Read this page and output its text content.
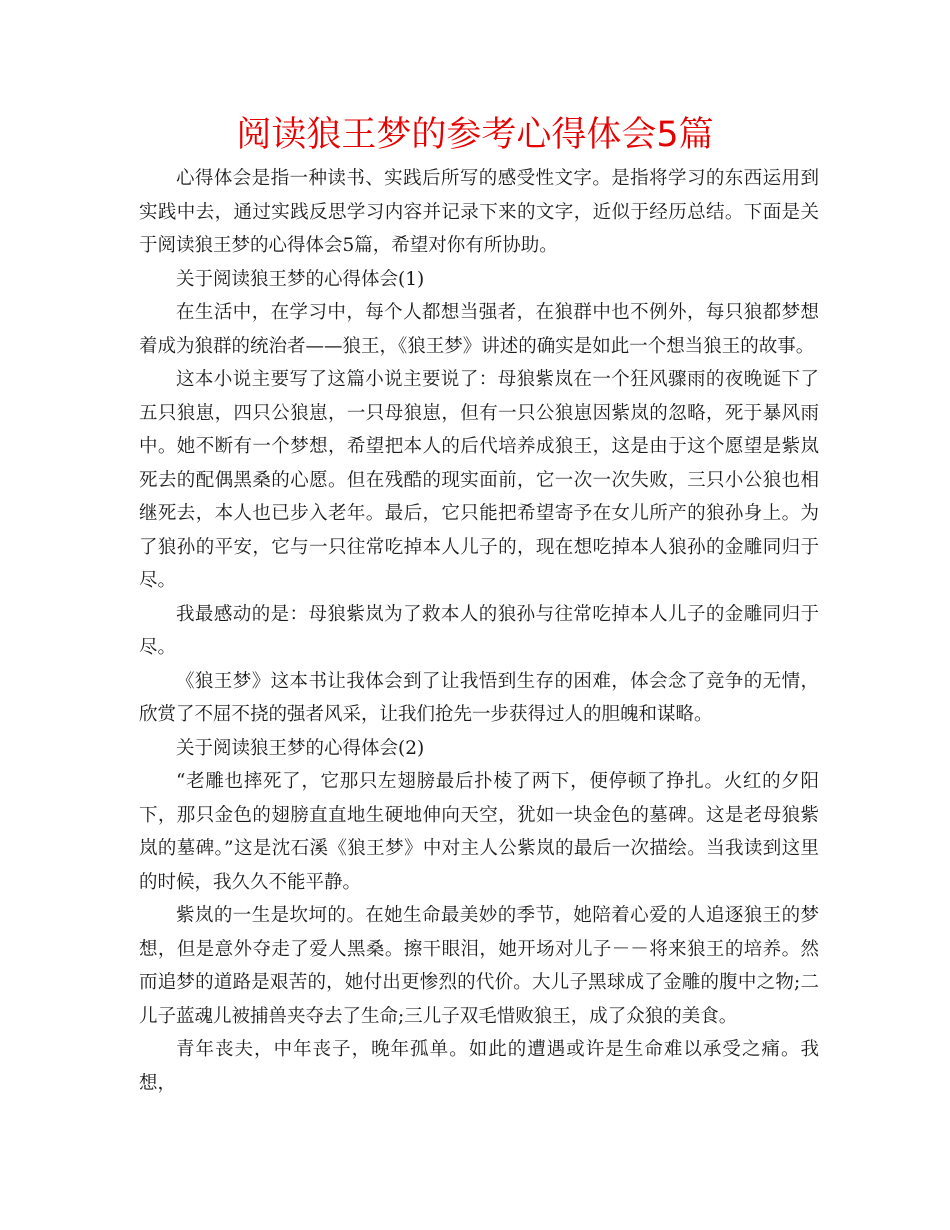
阅读狼王梦的参考心得体会5篇

心得体会是指一种读书、实践后所写的感受性文字。是指将学习的东西运用到实践中去，通过实践反思学习内容并记录下来的文字，近似于经历总结。下面是关于阅读狼王梦的心得体会5篇，希望对你有所协助。

关于阅读狼王梦的心得体会(1)

在生活中，在学习中，每个人都想当强者，在狼群中也不例外，每只狼都梦想着成为狼群的统治者——狼王，《狼王梦》讲述的确实是如此一个想当狼王的故事。

这本小说主要写了这篇小说主要说了：母狼紫岚在一个狂风骤雨的夜晚诞下了五只狼崽，四只公狼崽，一只母狼崽，但有一只公狼崽因紫岚的忽略，死于暴风雨中。她不断有一个梦想，希望把本人的后代培养成狼王，这是由于这个愿望是紫岚死去的配偶黑桑的心愿。但在残酷的现实面前，它一次一次失败，三只小公狼也相继死去，本人也已步入老年。最后，它只能把希望寄予在女儿所产的狼孙身上。为了狼孙的平安，它与一只往常吃掉本人儿子的，现在想吃掉本人狼孙的金雕同归于尽。

我最感动的是：母狼紫岚为了救本人的狼孙与往常吃掉本人儿子的金雕同归于尽。

《狼王梦》这本书让我体会到了让我悟到生存的困难，体会念了竞争的无情，欣赏了不屈不挠的强者风采，让我们抢先一步获得过人的胆魄和谋略。

关于阅读狼王梦的心得体会(2)

“老雕也摔死了，它那只左翅膀最后扑棱了两下，便停顿了挣扎。火红的夕阳下，那只金色的翅膀直直地生硬地伸向天空，犹如一块金色的墓碑。这是老母狼紫岚的墓碑。”这是沈石溪《狼王梦》中对主人公紫岚的最后一次描绘。当我读到这里的时候，我久久不能平静。

紫岚的一生是坎坷的。在她生命最美妙的季节，她陪着心爱的人追逐狼王的梦想，但是意外夺走了爱人黑桑。擦干眼泪，她开场对儿子－－将来狼王的培养。然而追梦的道路是艰苦的，她付出更惨烈的代价。大儿子黑球成了金雕的腹中之物;二儿子蓝魂儿被捕兽夹夺去了生命;三儿子双毛惜败狼王，成了众狼的美食。

青年丧夫，中年丧子，晚年孤单。如此的遭遇或许是生命难以承受之痛。我想，
